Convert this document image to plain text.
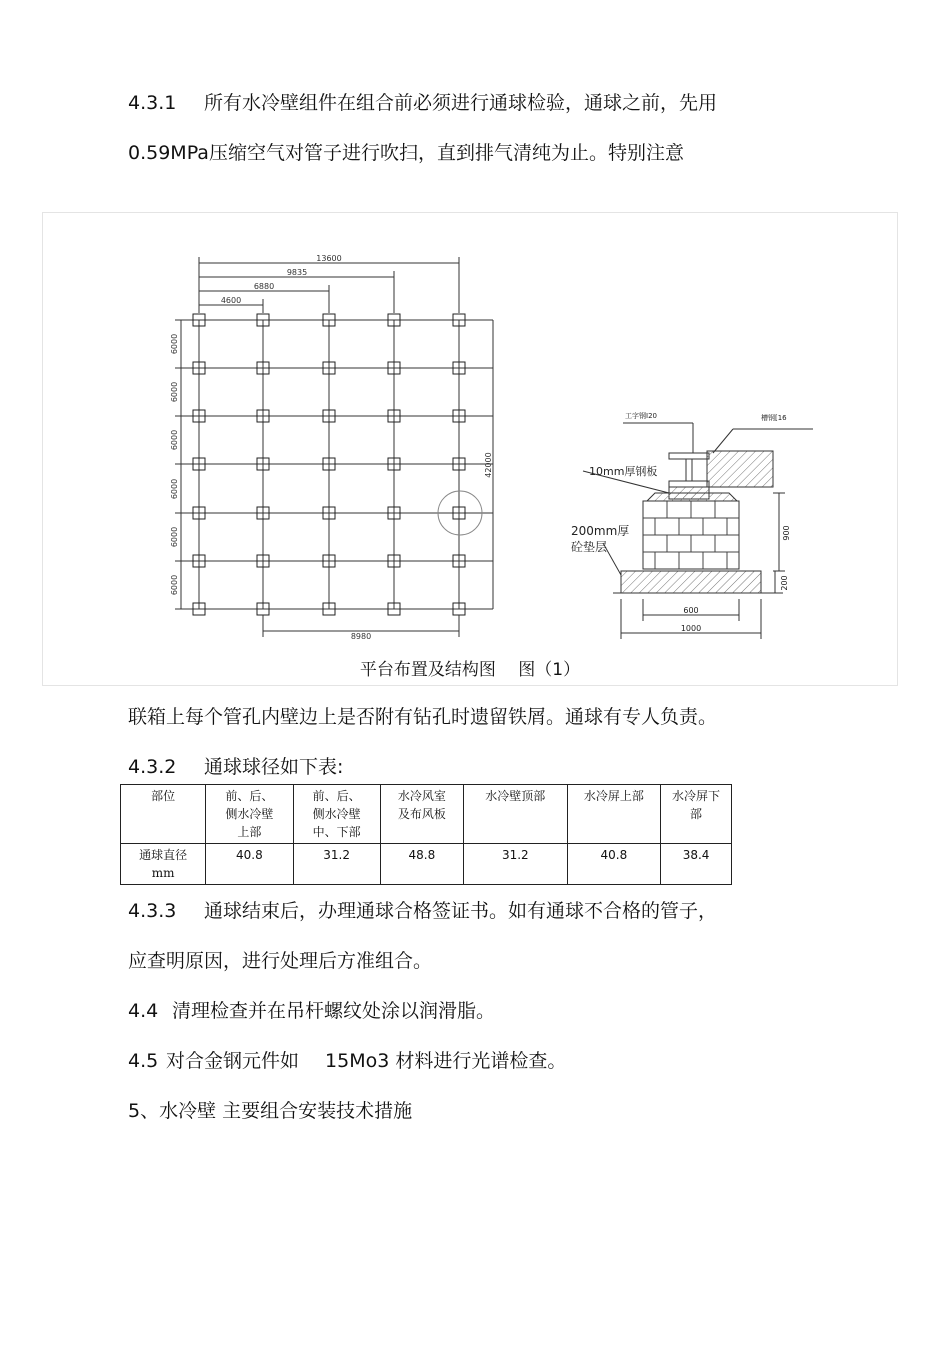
4.3.1 所有水冷壁组件在组合前必须进行通球检验，通球之前，先用
0.59MPa压缩空气对管子进行吹扫，直到排气清纯为止。特别注意
13600
9835
6880
4600
6000
6000
6000
6000
6000
6000
42000
8980
工字钢I20	槽钢[16
10mm厚钢板
200mm厚
砼垫层
900
200
600
1000
平台布置及结构图　 图（1）
联箱上每个管孔内壁边上是否附有钻孔时遗留铁屑。通球有专人负责。
4.3.2 通球球径如下表:
部位	前、后、
侧水冷壁
上部	前、后、
侧水冷壁
中、下部	水冷风室
及布风板	水冷壁顶部	水冷屏上部	水冷屏下
部
通球直径
mm	40.8	31.2	48.8	31.2	40.8	38.4
4.3.3 通球结束后，办理通球合格签证书。如有通球不合格的管子，
应查明原因，进行处理后方准组合。
4.4 清理检查并在吊杆螺纹处涂以润滑脂。
4.5 对合金钢元件如 15Mo3 材料进行光谱检查。
5、水冷壁 主要组合安装技术措施
